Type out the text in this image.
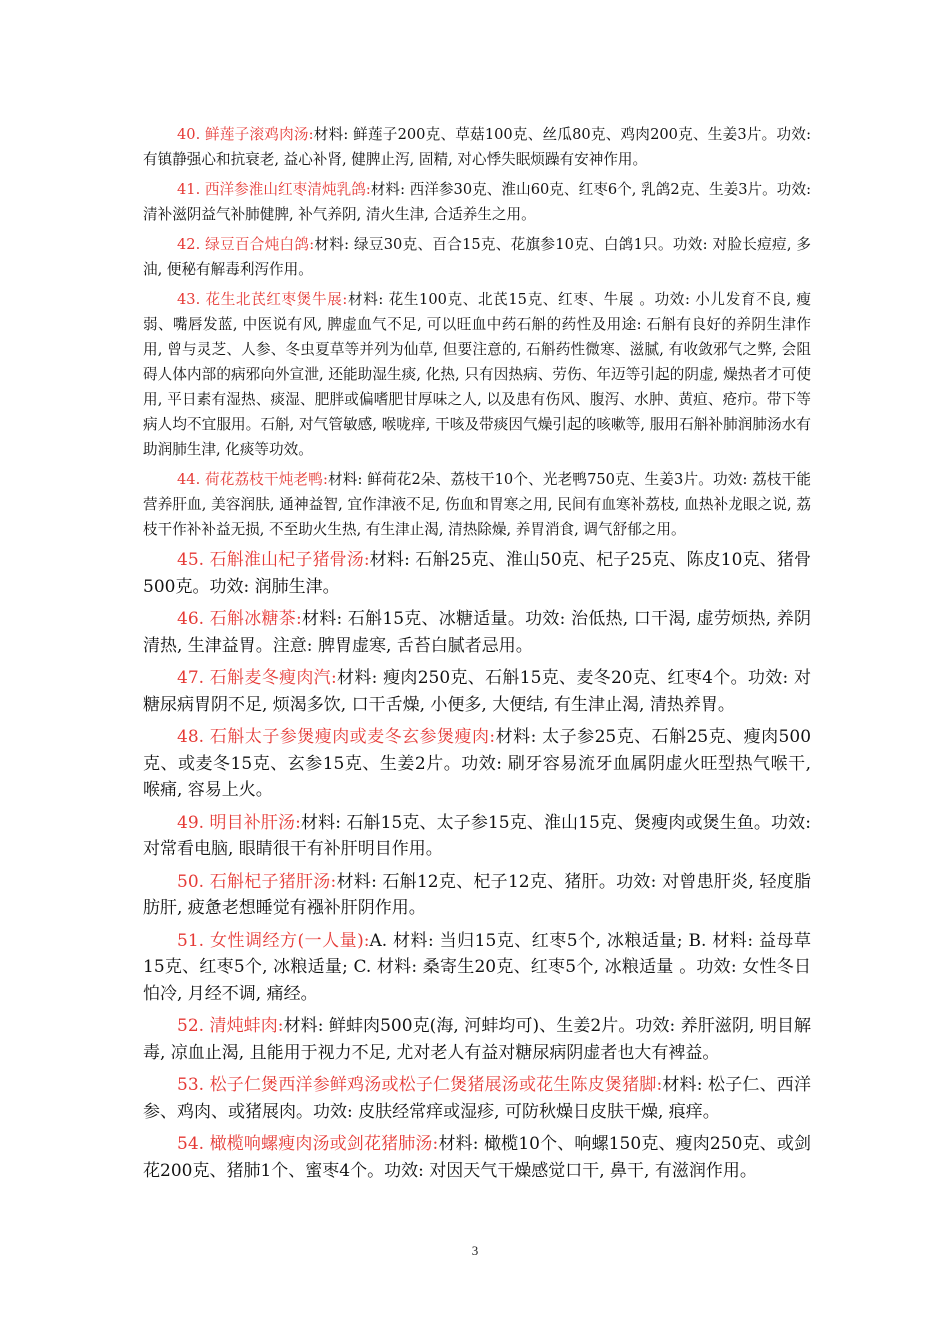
40. 鲜莲子滚鸡肉汤:材料: 鲜莲子200克、草菇100克、丝瓜80克、鸡肉200克、生姜3片。功效: 有镇静强心和抗衰老, 益心补肾, 健脾止泻, 固精, 对心悸失眠烦躁有安神作用。

41. 西洋参淮山红枣清炖乳鸽:材料: 西洋参30克、淮山60克、红枣6个, 乳鸽2克、生姜3片。功效: 清补滋阴益气补肺健脾, 补气养阴, 清火生津, 合适养生之用。

42. 绿豆百合炖白鸽:材料: 绿豆30克、百合15克、花旗参10克、白鸽1只。功效: 对脸长痘痘, 多油, 便秘有解毒利泻作用。

43. 花生北芪红枣煲牛展:材料: 花生100克、北芪15克、红枣、牛展 。功效: 小儿发育不良, 瘦弱、嘴唇发蓝, 中医说有风, 脾虚血气不足, 可以旺血中药石斛的药性及用途: 石斛有良好的养阴生津作用, 曾与灵芝、人参、冬虫夏草等并列为仙草, 但要注意的, 石斛药性微寒、滋腻, 有收敛邪气之弊, 会阻碍人体内部的病邪向外宣泄, 还能助湿生痰, 化热, 只有因热病、劳伤、年迈等引起的阴虚, 燥热者才可使用, 平日素有湿热、痰湿、肥胖或偏嗜肥甘厚味之人, 以及患有伤风、腹泻、水肿、黄疸、疮疖。带下等病人均不宜服用。石斛, 对气管敏感, 喉咙痒, 干咳及带痰因气燥引起的咳嗽等, 服用石斛补肺润肺汤水有助润肺生津, 化痰等功效。

44. 荷花荔枝干炖老鸭:材料: 鲜荷花2朵、荔枝干10个、光老鸭750克、生姜3片。功效: 荔枝干能营养肝血, 美容润肤, 通神益智, 宜作津液不足, 伤血和胃寒之用, 民间有血寒补荔枝, 血热补龙眼之说, 荔枝干作补补益无损, 不至助火生热, 有生津止渴, 清热除燥, 养胃消食, 调气舒郁之用。

45. 石斛淮山杞子猪骨汤:材料: 石斛25克、淮山50克、杞子25克、陈皮10克、猪骨500克。功效: 润肺生津。

46. 石斛冰糖茶:材料: 石斛15克、冰糖适量。功效: 治低热, 口干渴, 虚劳烦热, 养阴清热, 生津益胃。注意: 脾胃虚寒, 舌苔白腻者忌用。

47. 石斛麦冬瘦肉汽:材料: 瘦肉250克、石斛15克、麦冬20克、红枣4个。功效: 对糖尿病胃阴不足, 烦渴多饮, 口干舌燥, 小便多, 大便结, 有生津止渴, 清热养胃。

48. 石斛太子参煲瘦肉或麦冬玄参煲瘦肉:材料: 太子参25克、石斛25克、瘦肉500克、或麦冬15克、玄参15克、生姜2片。功效: 刷牙容易流牙血属阴虚火旺型热气喉干, 喉痛, 容易上火。

49. 明目补肝汤:材料: 石斛15克、太子参15克、淮山15克、煲瘦肉或煲生鱼。功效: 对常看电脑, 眼睛很干有补肝明目作用。

50. 石斛杞子猪肝汤:材料: 石斛12克、杞子12克、猪肝。功效: 对曾患肝炎, 轻度脂肪肝, 疲惫老想睡觉有襁补肝阴作用。

51. 女性调经方(一人量):A. 材料: 当归15克、红枣5个, 冰粮适量; B. 材料: 益母草15克、红枣5个, 冰粮适量; C. 材料: 桑寄生20克、红枣5个, 冰粮适量 。功效: 女性冬日怕冷, 月经不调, 痛经。

52. 清炖蚌肉:材料: 鲜蚌肉500克(海, 河蚌均可)、生姜2片。功效: 养肝滋阴, 明目解毒, 凉血止渴, 且能用于视力不足, 尤对老人有益对糖尿病阴虚者也大有裨益。

53. 松子仁煲西洋参鲜鸡汤或松子仁煲猪展汤或花生陈皮煲猪脚:材料: 松子仁、西洋参、鸡肉、或猪展肉。功效: 皮肤经常痒或湿疹, 可防秋燥日皮肤干燥, 痕痒。

54. 橄榄响螺瘦肉汤或剑花猪肺汤:材料: 橄榄10个、响螺150克、瘦肉250克、或剑花200克、猪肺1个、蜜枣4个。功效: 对因天气干燥感觉口干, 鼻干, 有滋润作用。

3
